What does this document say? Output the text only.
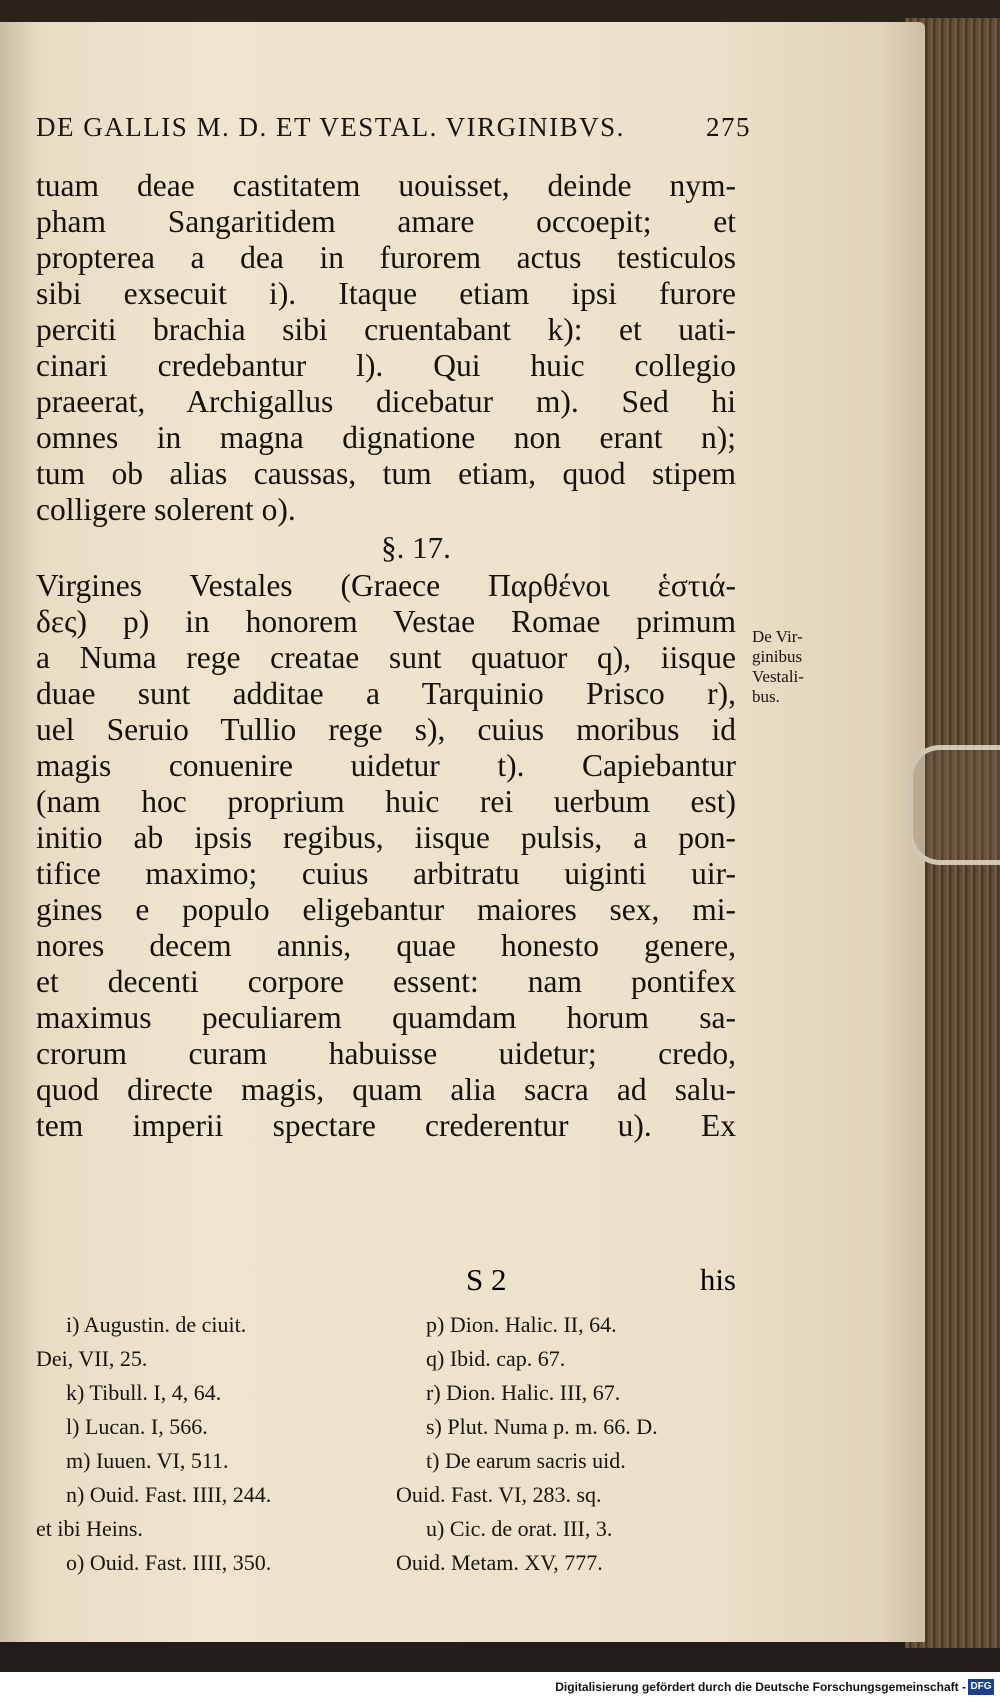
DE GALLIS M. D. ET VESTAL. VIRGINIBVS.	275
tuam deae castitatem uouisset, deinde nym-
pham Sangaritidem amare occoepit; et
propterea a dea in furorem actus testiculos
sibi exsecuit i). Itaque etiam ipsi furore
perciti brachia sibi cruentabant k): et uati-
cinari credebantur l). Qui huic collegio
praeerat, Archigallus dicebatur m). Sed hi
omnes in magna dignatione non erant n);
tum ob alias caussas, tum etiam, quod stipem
colligere solerent o).
§. 17.
Virgines Vestales (Graece Παρθένοι ἑστιά-
δες) p) in honorem Vestae Romae primum
a Numa rege creatae sunt quatuor q), iisque
duae sunt additae a Tarquinio Prisco r),
uel Seruio Tullio rege s), cuius moribus id
magis conuenire uidetur t). Capiebantur
(nam hoc proprium huic rei uerbum est)
initio ab ipsis regibus, iisque pulsis, a pon-
tifice maximo; cuius arbitratu uiginti uir-
gines e populo eligebantur maiores sex, mi-
nores decem annis, quae honesto genere,
et decenti corpore essent: nam pontifex
maximus peculiarem quamdam horum sa-
crorum curam habuisse uidetur; credo,
quod directe magis, quam alia sacra ad salu-
tem imperii spectare crederentur u). Ex
De Vir-
ginibus
Vestali-
bus.
S 2	his
i) Augustin. de ciuit.
Dei, VII, 25.
k) Tibull. I, 4, 64.
l) Lucan. I, 566.
m) Iuuen. VI, 511.
n) Ouid. Fast. IIII, 244.
et ibi Heins.
o) Ouid. Fast. IIII, 350.
p) Dion. Halic. II, 64.
q) Ibid. cap. 67.
r) Dion. Halic. III, 67.
s) Plut. Numa p. m. 66. D.
t) De earum sacris uid.
Ouid. Fast. VI, 283. sq.
u) Cic. de orat. III, 3.
Ouid. Metam. XV, 777.
Digitalisierung gefördert durch die Deutsche Forschungsgemeinschaft - DFG
